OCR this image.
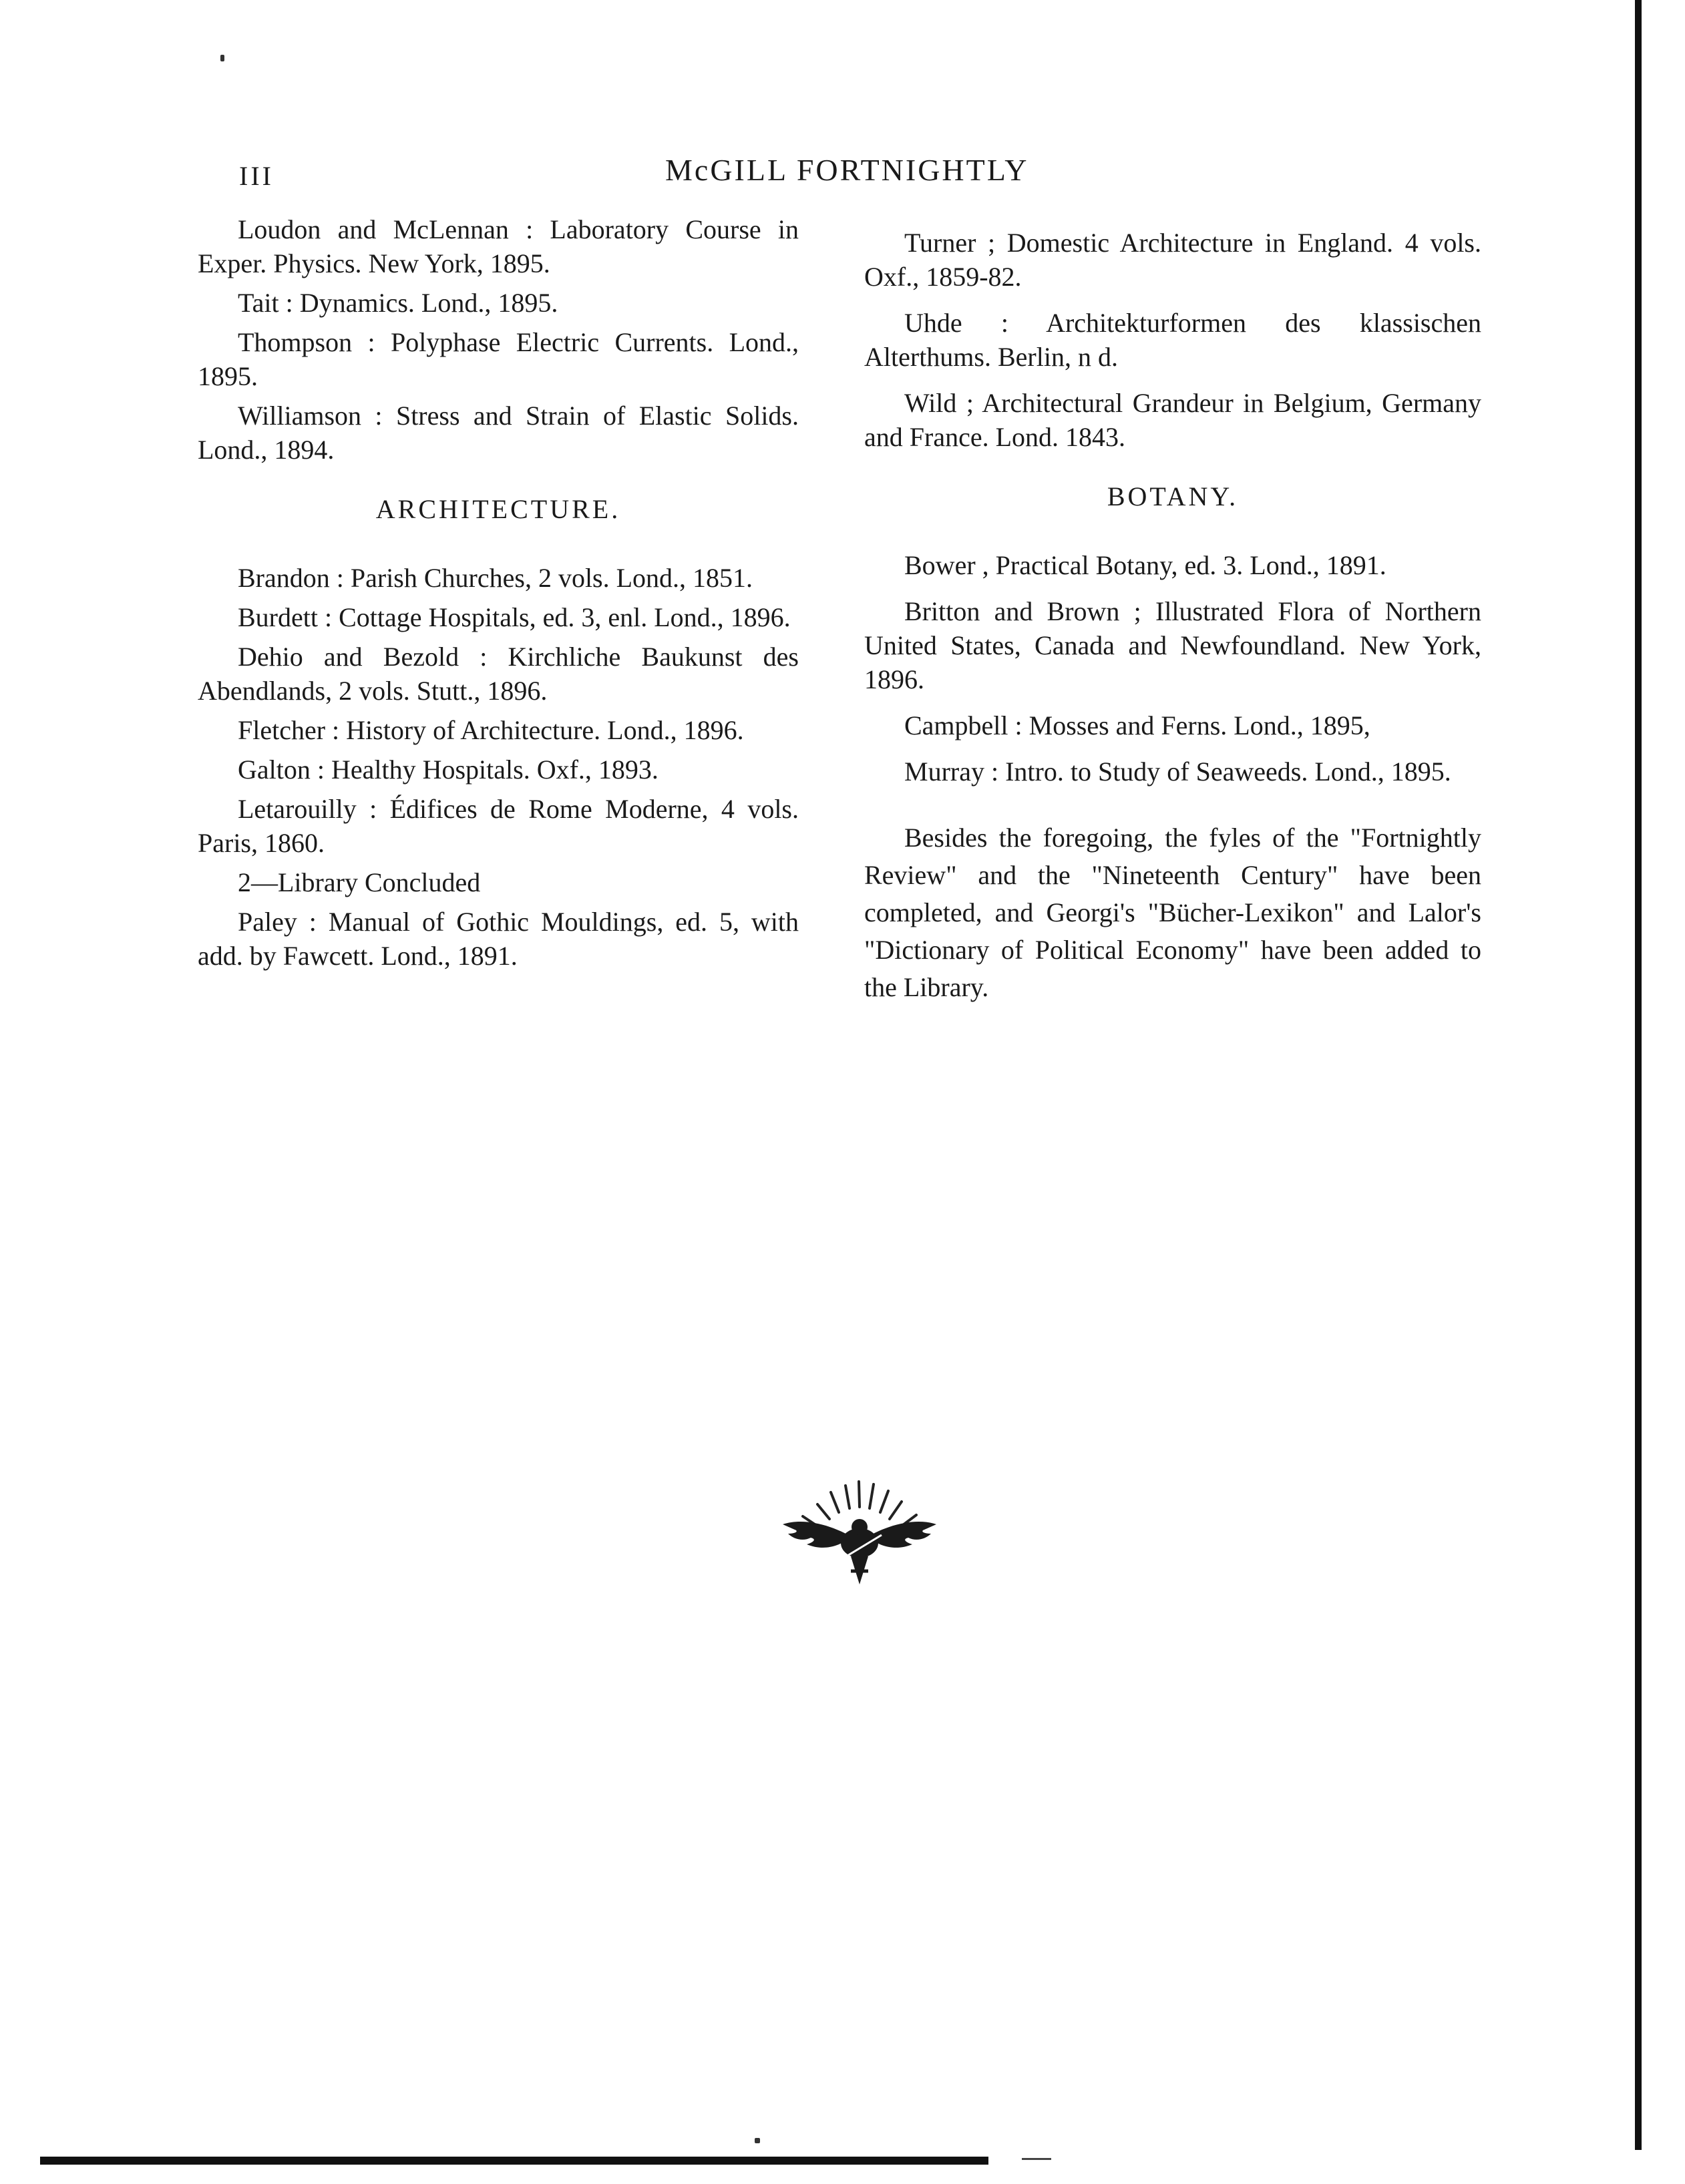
III	McGILL FORTNIGHTLY

Loudon and McLennan : Laboratory Course in Exper. Physics. New York, 1895.

Tait : Dynamics. Lond., 1895.

Thompson : Polyphase Electric Currents. Lond., 1895.

Williamson : Stress and Strain of Elastic Solids. Lond., 1894.

ARCHITECTURE.

Brandon : Parish Churches, 2 vols. Lond., 1851.

Burdett : Cottage Hospitals, ed. 3, enl. Lond., 1896.

Dehio and Bezold : Kirchliche Baukunst des Abendlands, 2 vols. Stutt., 1896.

Fletcher : History of Architecture. Lond., 1896.

Galton : Healthy Hospitals. Oxf., 1893.

Letarouilly : Édifices de Rome Moderne, 4 vols. Paris, 1860.

2—Library Concluded

Paley : Manual of Gothic Mouldings, ed. 5, with add. by Fawcett. Lond., 1891.

Turner ; Domestic Architecture in England. 4 vols. Oxf., 1859-82.

Uhde : Architekturformen des klassischen Alterthums. Berlin, n d.

Wild ; Architectural Grandeur in Belgium, Germany and France. Lond. 1843.

BOTANY.

Bower , Practical Botany, ed. 3. Lond., 1891.

Britton and Brown ; Illustrated Flora of Northern United States, Canada and Newfoundland. New York, 1896.

Campbell : Mosses and Ferns. Lond., 1895,

Murray : Intro. to Study of Seaweeds. Lond., 1895.

Besides the foregoing, the fyles of the "Fortnightly Review" and the "Nineteenth Century" have been completed, and Georgi's "Bücher-Lexikon" and Lalor's "Dictionary of Political Economy" have been added to the Library.
